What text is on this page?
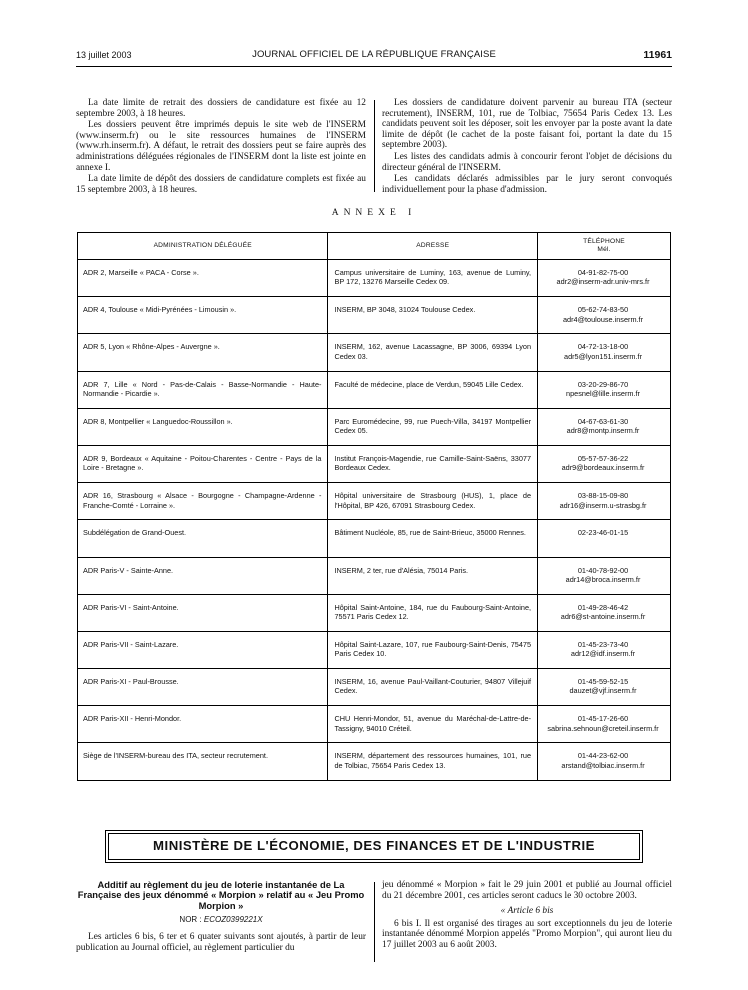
13 juillet 2003	JOURNAL OFFICIEL DE LA RÉPUBLIQUE FRANÇAISE	11961

La date limite de retrait des dossiers de candidature est fixée au 12 septembre 2003, à 18 heures.

Les dossiers peuvent être imprimés depuis le site web de l'INSERM (www.inserm.fr) ou le site ressources humaines de l'INSERM (www.rh.inserm.fr). A défaut, le retrait des dossiers peut se faire auprès des administrations déléguées régionales de l'INSERM dont la liste est jointe en annexe I.

La date limite de dépôt des dossiers de candidature complets est fixée au 15 septembre 2003, à 18 heures.

Les dossiers de candidature doivent parvenir au bureau ITA (secteur recrutement), INSERM, 101, rue de Tolbiac, 75654 Paris Cedex 13. Les candidats peuvent soit les déposer, soit les envoyer par la poste avant la date limite de dépôt (le cachet de la poste faisant foi, portant la date du 15 septembre 2003).

Les listes des candidats admis à concourir feront l'objet de décisions du directeur général de l'INSERM.

Les candidats déclarés admissibles par le jury seront convoqués individuellement pour la phase d'admission.

ANNEXE I
ADMINISTRATION DÉLÉGUÉE	ADRESSE	TÉLÉPHONE
Mél.

ADR 2, Marseille « PACA - Corse ».	Campus universitaire de Luminy, 163, avenue de Luminy, BP 172, 13276 Marseille Cedex 09.	04-91-82-75-00
adr2@inserm-adr.univ-mrs.fr

ADR 4, Toulouse « Midi-Pyrénées - Limousin ».	INSERM, BP 3048, 31024 Toulouse Cedex.	05-62-74-83-50
adr4@toulouse.inserm.fr

ADR 5, Lyon « Rhône-Alpes - Auvergne ».	INSERM, 162, avenue Lacassagne, BP 3006, 69394 Lyon Cedex 03.	04-72-13-18-00
adr5@lyon151.inserm.fr

ADR 7, Lille « Nord - Pas-de-Calais - Basse-Normandie - Haute-Normandie - Picardie ».	Faculté de médecine, place de Verdun, 59045 Lille Cedex.	03-20-29-86-70
npesnel@lille.inserm.fr

ADR 8, Montpellier « Languedoc-Roussillon ».	Parc Euromédecine, 99, rue Puech-Villa, 34197 Montpellier Cedex 05.	04-67-63-61-30
adr8@montp.inserm.fr

ADR 9, Bordeaux « Aquitaine - Poitou-Charentes - Centre - Pays de la Loire - Bretagne ».	Institut François-Magendie, rue Camille-Saint-Saëns, 33077 Bordeaux Cedex.	05-57-57-36-22
adr9@bordeaux.inserm.fr

ADR 16, Strasbourg « Alsace - Bourgogne - Champagne-Ardenne - Franche-Comté - Lorraine ».	Hôpital universitaire de Strasbourg (HUS), 1, place de l'Hôpital, BP 426, 67091 Strasbourg Cedex.	03-88-15-09-80
adr16@inserm.u-strasbg.fr

Subdélégation de Grand-Ouest.	Bâtiment Nucléole, 85, rue de Saint-Brieuc, 35000 Rennes.	02-23-46-01-15

ADR Paris-V - Sainte-Anne.	INSERM, 2 ter, rue d'Alésia, 75014 Paris.	01-40-78-92-00
adr14@broca.inserm.fr

ADR Paris-VI - Saint-Antoine.	Hôpital Saint-Antoine, 184, rue du Faubourg-Saint-Antoine, 75571 Paris Cedex 12.	01-49-28-46-42
adr6@st-antoine.inserm.fr

ADR Paris-VII - Saint-Lazare.	Hôpital Saint-Lazare, 107, rue Faubourg-Saint-Denis, 75475 Paris Cedex 10.	01-45-23-73-40
adr12@idf.inserm.fr

ADR Paris-XI - Paul-Brousse.	INSERM, 16, avenue Paul-Vaillant-Couturier, 94807 Villejuif Cedex.	01-45-59-52-15
dauzet@vjf.inserm.fr

ADR Paris-XII - Henri-Mondor.	CHU Henri-Mondor, 51, avenue du Maréchal-de-Lattre-de-Tassigny, 94010 Créteil.	01-45-17-26-60
sabrina.sehnoun@creteil.inserm.fr

Siège de l'INSERM-bureau des ITA, secteur recrutement.	INSERM, département des ressources humaines, 101, rue de Tolbiac, 75654 Paris Cedex 13.	01-44-23-62-00
arstand@tolbiac.inserm.fr
MINISTÈRE DE L'ÉCONOMIE, DES FINANCES ET DE L'INDUSTRIE
Additif au règlement du jeu de loterie instantanée de La Française des jeux dénommé « Morpion » relatif au « Jeu Promo Morpion »
NOR : ECOZ0399221X

Les articles 6 bis, 6 ter et 6 quater suivants sont ajoutés, à partir de leur publication au Journal officiel, au règlement particulier du

jeu dénommé « Morpion » fait le 29 juin 2001 et publié au Journal officiel du 21 décembre 2001, ces articles seront caducs le 30 octobre 2003.

« Article 6 bis

6 bis I. Il est organisé des tirages au sort exceptionnels du jeu de loterie instantanée dénommé Morpion appelés "Promo Morpion", qui auront lieu du 17 juillet 2003 au 6 août 2003.
